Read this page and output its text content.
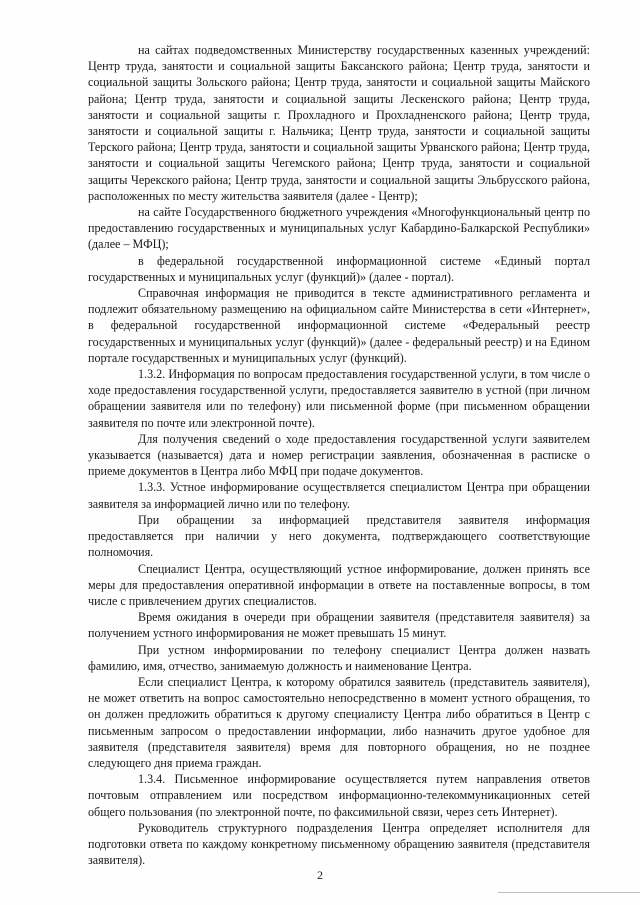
на сайтах подведомственных Министерству государственных казенных учреждений: Центр труда, занятости и социальной защиты Баксанского района; Центр труда, занятости и социальной защиты Зольского района; Центр труда, занятости и социальной защиты Майского района; Центр труда, занятости и социальной защиты Лескенского района; Центр труда, занятости и социальной защиты г. Прохладного и Прохладненского района; Центр труда, занятости и социальной защиты г. Нальчика; Центр труда, занятости и социальной защиты Терского района; Центр труда, занятости и социальной защиты Урванского района; Центр труда, занятости и социальной защиты Чегемского района; Центр труда, занятости и социальной защиты Черекского района; Центр труда, занятости и социальной защиты Эльбрусского района, расположенных по месту жительства заявителя (далее - Центр);

на сайте Государственного бюджетного учреждения «Многофункциональный центр по предоставлению государственных и муниципальных услуг Кабардино-Балкарской Республики» (далее – МФЦ);

в федеральной государственной информационной системе «Единый портал государственных и муниципальных услуг (функций)» (далее - портал).

Справочная информация не приводится в тексте административного регламента и подлежит обязательному размещению на официальном сайте Министерства в сети «Интернет», в федеральной государственной информационной системе «Федеральный реестр государственных и муниципальных услуг (функций)» (далее - федеральный реестр) и на Едином портале государственных и муниципальных услуг (функций).

1.3.2. Информация по вопросам предоставления государственной услуги, в том числе о ходе предоставления государственной услуги, предоставляется заявителю в устной (при личном обращении заявителя или по телефону) или письменной форме (при письменном обращении заявителя по почте или электронной почте).

Для получения сведений о ходе предоставления государственной услуги заявителем указывается (называется) дата и номер регистрации заявления, обозначенная в расписке о приеме документов в Центра либо МФЦ при подаче документов.

1.3.3. Устное информирование осуществляется специалистом Центра при обращении заявителя за информацией лично или по телефону.

При обращении за информацией представителя заявителя информация предоставляется при наличии у него документа, подтверждающего соответствующие полномочия.

Специалист Центра, осуществляющий устное информирование, должен принять все меры для предоставления оперативной информации в ответе на поставленные вопросы, в том числе с привлечением других специалистов.

Время ожидания в очереди при обращении заявителя (представителя заявителя) за получением устного информирования не может превышать 15 минут.

При устном информировании по телефону специалист Центра должен назвать фамилию, имя, отчество, занимаемую должность и наименование Центра.

Если специалист Центра, к которому обратился заявитель (представитель заявителя), не может ответить на вопрос самостоятельно непосредственно в момент устного обращения, то он должен предложить обратиться к другому специалисту Центра либо обратиться в Центр с письменным запросом о предоставлении информации, либо назначить другое удобное для заявителя (представителя заявителя) время для повторного обращения, но не позднее следующего дня приема граждан.

1.3.4. Письменное информирование осуществляется путем направления ответов почтовым отправлением или посредством информационно-телекоммуникационных сетей общего пользования (по электронной почте, по факсимильной связи, через сеть Интернет).

Руководитель структурного подразделения Центра определяет исполнителя для подготовки ответа по каждому конкретному письменному обращению заявителя (представителя заявителя).

2
